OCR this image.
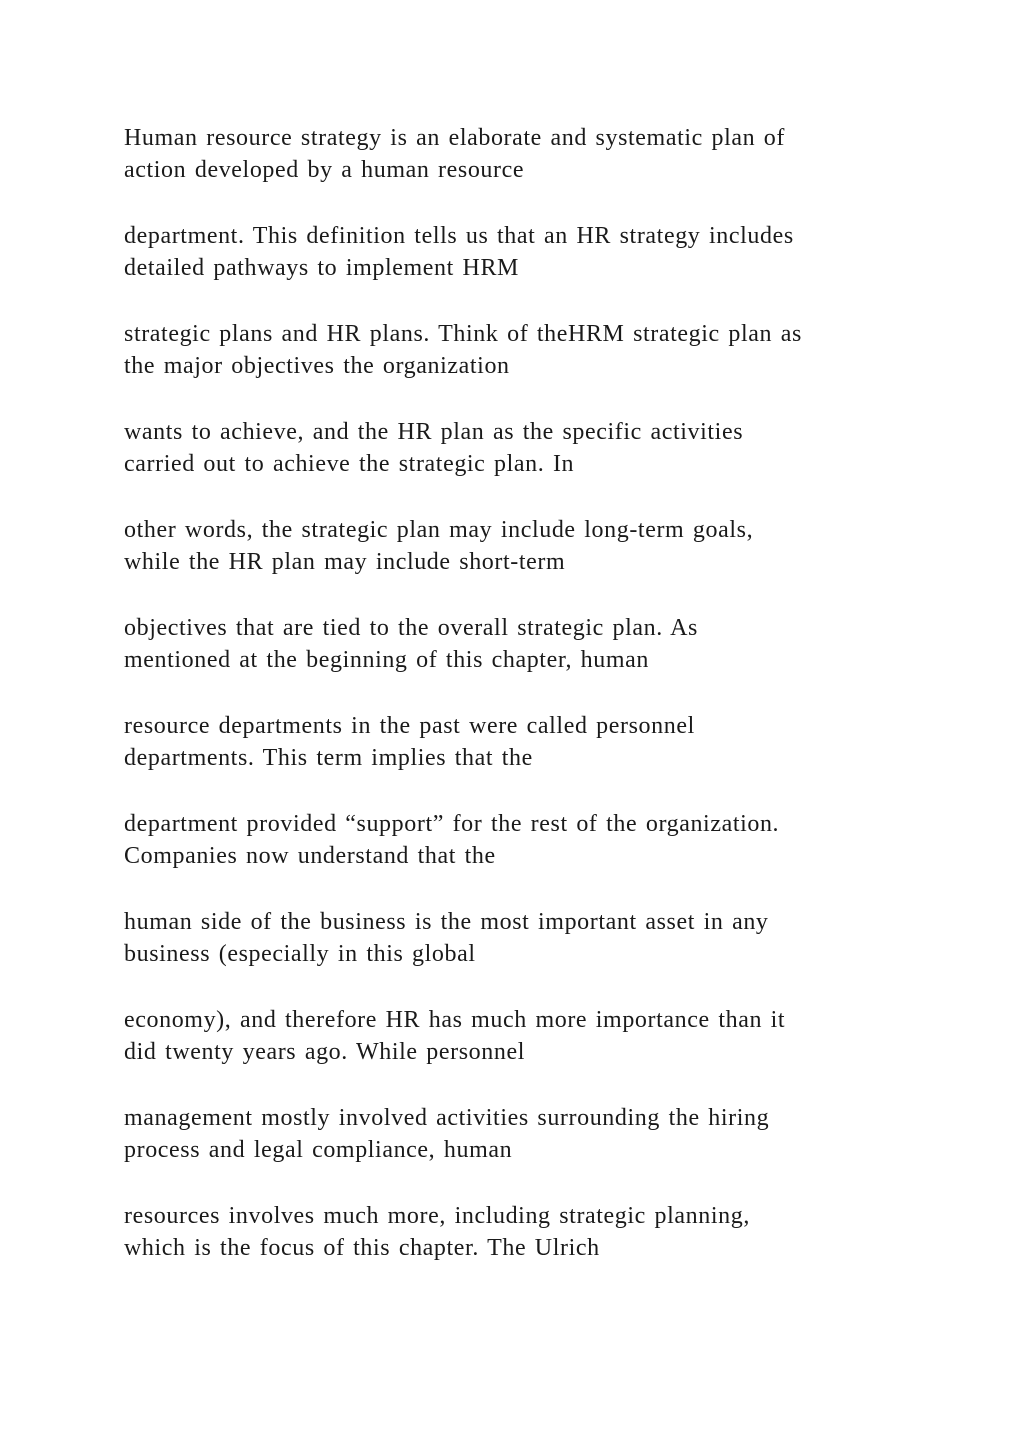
Human resource strategy is an elaborate and systematic plan of
action developed by a human resource

department. This definition tells us that an HR strategy includes
detailed pathways to implement HRM

strategic plans and HR plans. Think of theHRM strategic plan as
the major objectives the organization

wants to achieve, and the HR plan as the specific activities
carried out to achieve the strategic plan. In

other words, the strategic plan may include long-term goals,
while the HR plan may include short-term

objectives that are tied to the overall strategic plan. As
mentioned at the beginning of this chapter, human

resource departments in the past were called personnel
departments. This term implies that the

department provided “support” for the rest of the organization.
Companies now understand that the

human side of the business is the most important asset in any
business (especially in this global

economy), and therefore HR has much more importance than it
did twenty years ago. While personnel

management mostly involved activities surrounding the hiring
process and legal compliance, human

resources involves much more, including strategic planning,
which is the focus of this chapter. The Ulrich
